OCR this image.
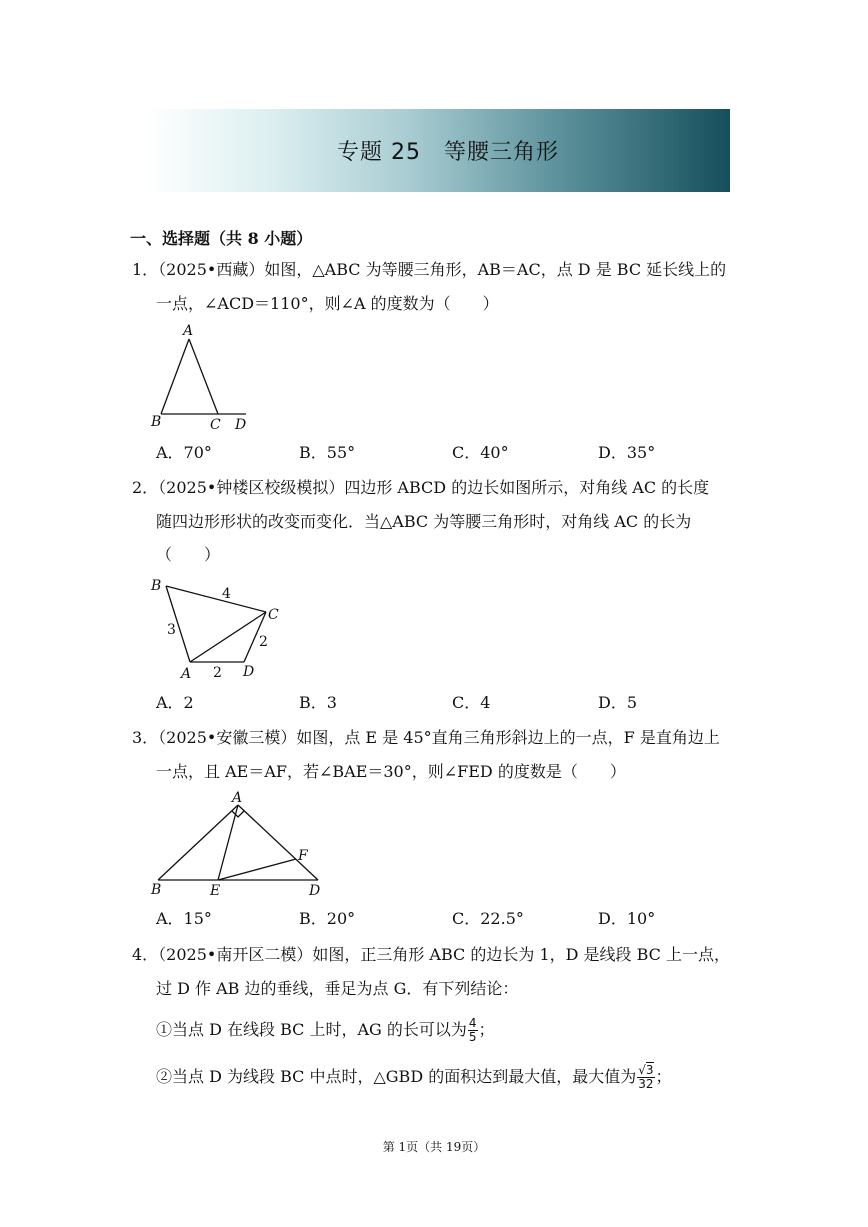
专题 25　等腰三角形
一、选择题（共 8 小题）
1．（2025•西藏）如图，△ABC 为等腰三角形，AB＝AC，点 D 是 BC 延长线上的
一点，∠ACD＝110°，则∠A 的度数为（　　）
A
B	C D
A．70°	B．55°	C．40°	D．35°
2．（2025•钟楼区校级模拟）四边形 ABCD 的边长如图所示，对角线 AC 的长度
随四边形形状的改变而变化．当△ABC 为等腰三角形时，对角线 AC 的长为
（　　）
B
C
A	D
3
4
2
2
A．2	B．3	C．4	D．5
3．（2025•安徽三模）如图，点 E 是 45°直角三角形斜边上的一点，F 是直角边上
一点，且 AE＝AF，若∠BAE＝30°，则∠FED 的度数是（　　）
A
B	E	D
F
A．15°	B．20°	C．22.5°	D．10°
4．（2025•南开区二模）如图，正三角形 ABC 的边长为 1，D 是线段 BC 上一点，
过 D 作 AB 边的垂线，垂足为点 G．有下列结论：
①当点 D 在线段 BC 上时，AG 的长可以为 $\frac{4}{5}$ ；
②当点 D 为线段 BC 中点时，△GBD 的面积达到最大值，最大值为 $\frac{√3}{32}$ ；
第 1页（共 19页）
